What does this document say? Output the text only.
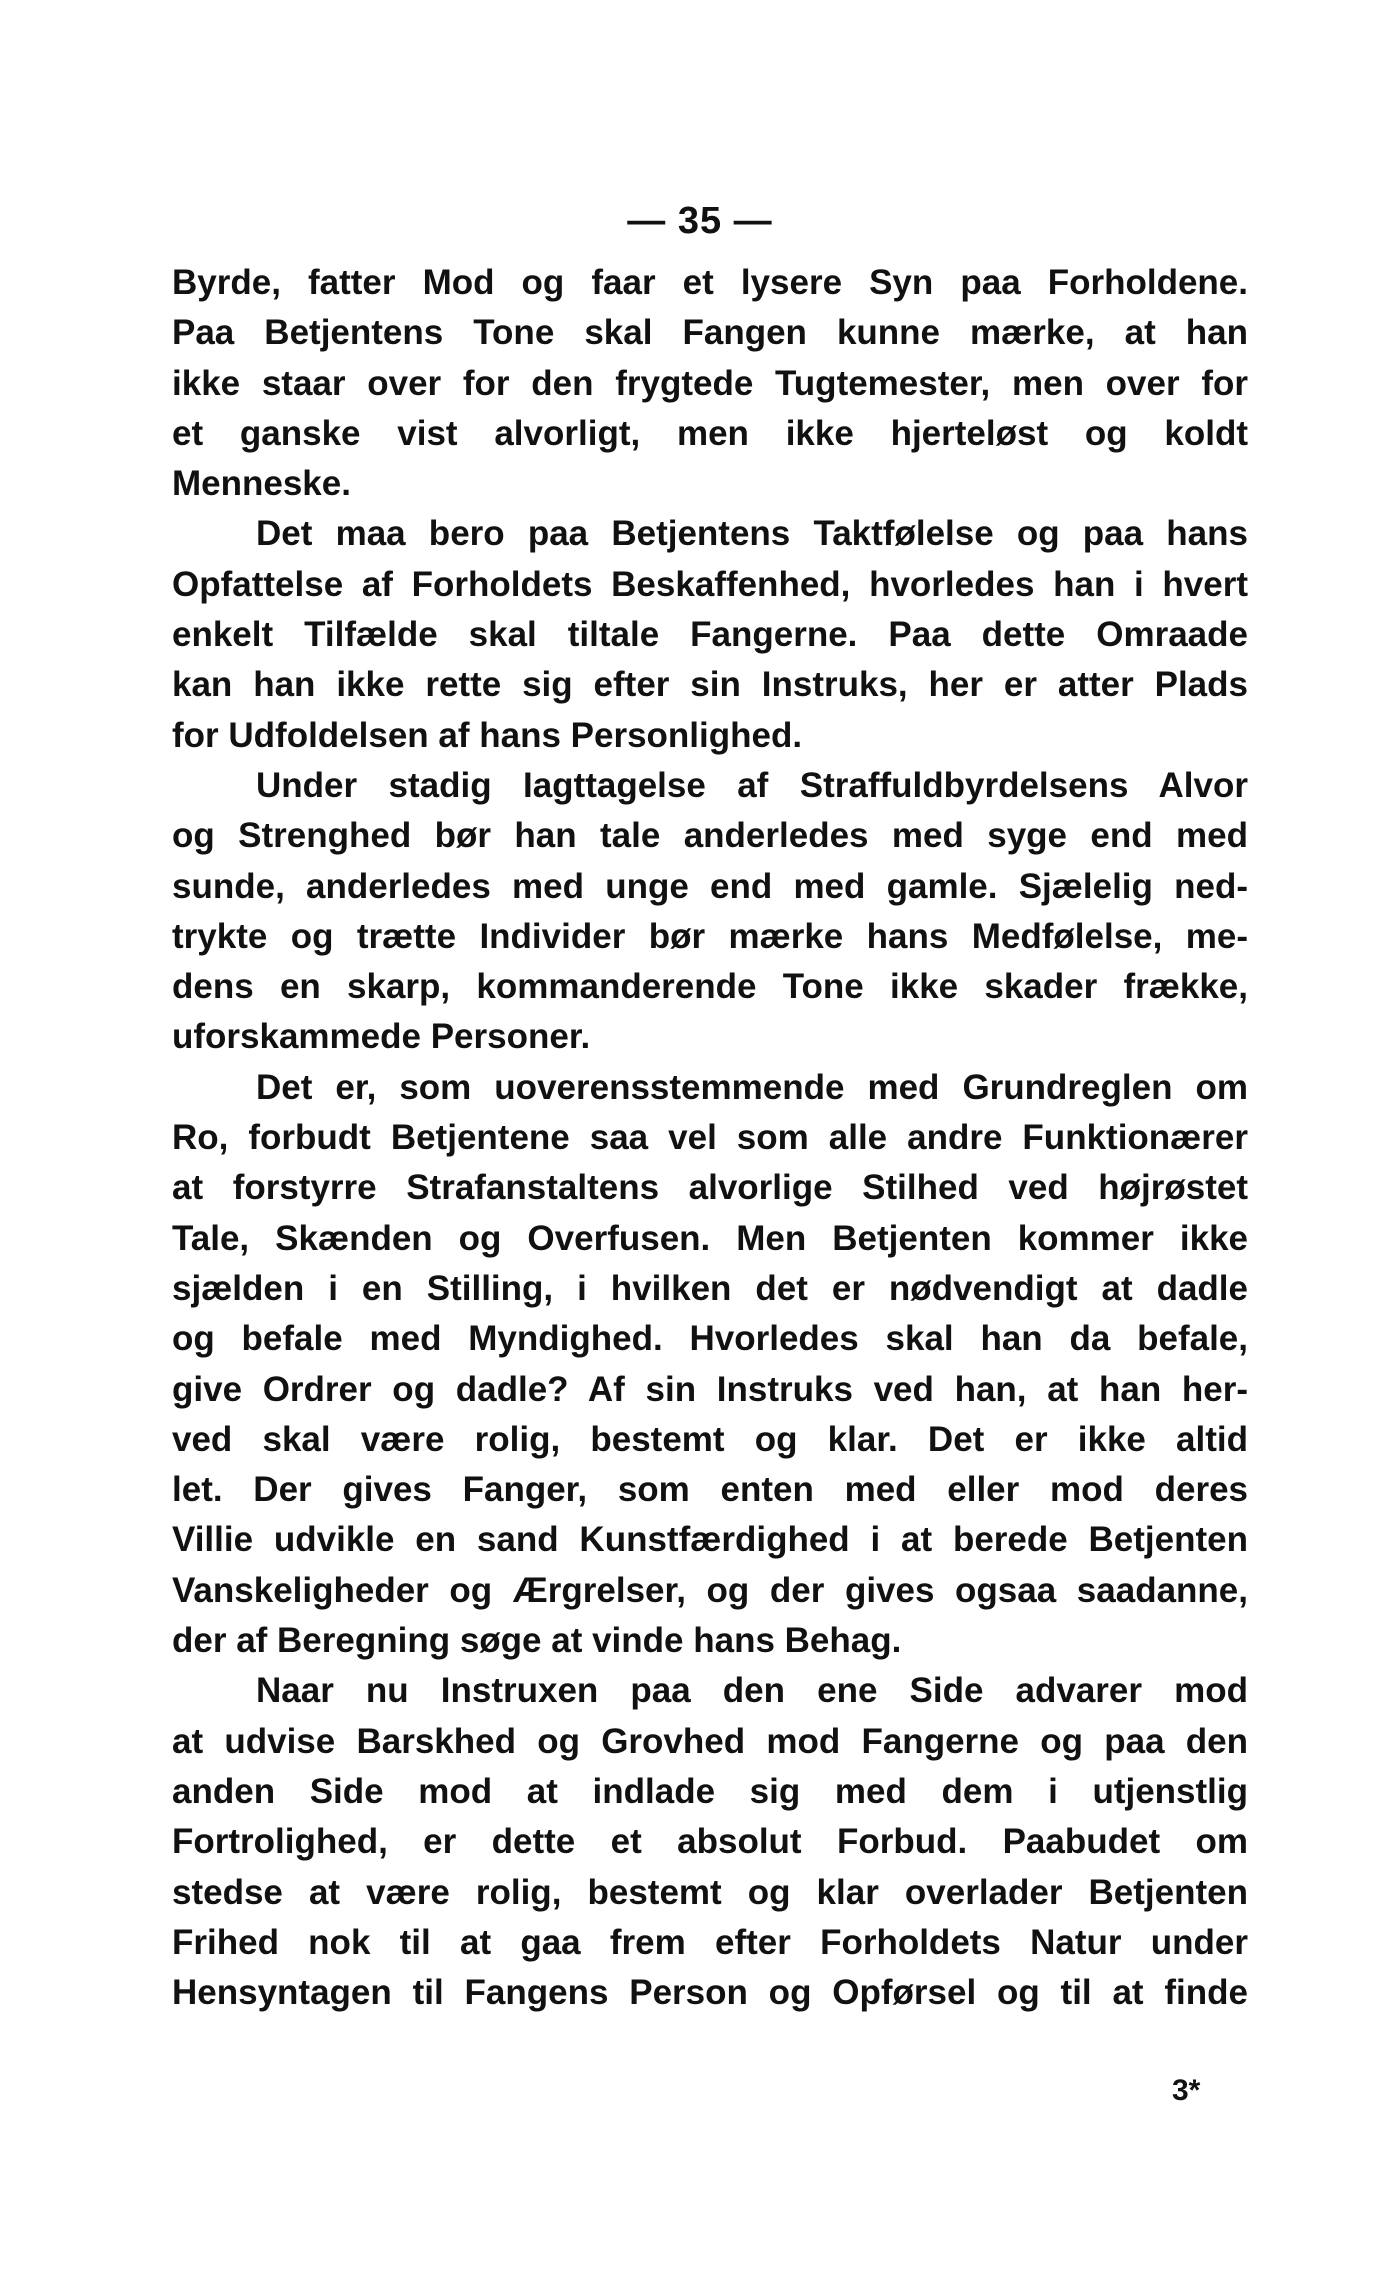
— 35 —
Byrde, fatter Mod og faar et lysere Syn paa Forholdene.
Paa Betjentens Tone skal Fangen kunne mærke, at han
ikke staar over for den frygtede Tugtemester, men over for
et ganske vist alvorligt, men ikke hjerteløst og koldt
Menneske.
Det maa bero paa Betjentens Taktfølelse og paa hans
Opfattelse af Forholdets Beskaffenhed, hvorledes han i hvert
enkelt Tilfælde skal tiltale Fangerne. Paa dette Omraade
kan han ikke rette sig efter sin Instruks, her er atter Plads
for Udfoldelsen af hans Personlighed.
Under stadig Iagttagelse af Straffuldbyrdelsens Alvor
og Strenghed bør han tale anderledes med syge end med
sunde, anderledes med unge end med gamle. Sjælelig ned-
trykte og trætte Individer bør mærke hans Medfølelse, me-
dens en skarp, kommanderende Tone ikke skader frække,
uforskammede Personer.
Det er, som uoverensstemmende med Grundreglen om
Ro, forbudt Betjentene saa vel som alle andre Funktionærer
at forstyrre Strafanstaltens alvorlige Stilhed ved højrøstet
Tale, Skænden og Overfusen. Men Betjenten kommer ikke
sjælden i en Stilling, i hvilken det er nødvendigt at dadle
og befale med Myndighed. Hvorledes skal han da befale,
give Ordrer og dadle? Af sin Instruks ved han, at han her-
ved skal være rolig, bestemt og klar. Det er ikke altid
let. Der gives Fanger, som enten med eller mod deres
Villie udvikle en sand Kunstfærdighed i at berede Betjenten
Vanskeligheder og Ærgrelser, og der gives ogsaa saadanne,
der af Beregning søge at vinde hans Behag.
Naar nu Instruxen paa den ene Side advarer mod
at udvise Barskhed og Grovhed mod Fangerne og paa den
anden Side mod at indlade sig med dem i utjenstlig
Fortrolighed, er dette et absolut Forbud. Paabudet om
stedse at være rolig, bestemt og klar overlader Betjenten
Frihed nok til at gaa frem efter Forholdets Natur under
Hensyntagen til Fangens Person og Opførsel og til at finde
3*
